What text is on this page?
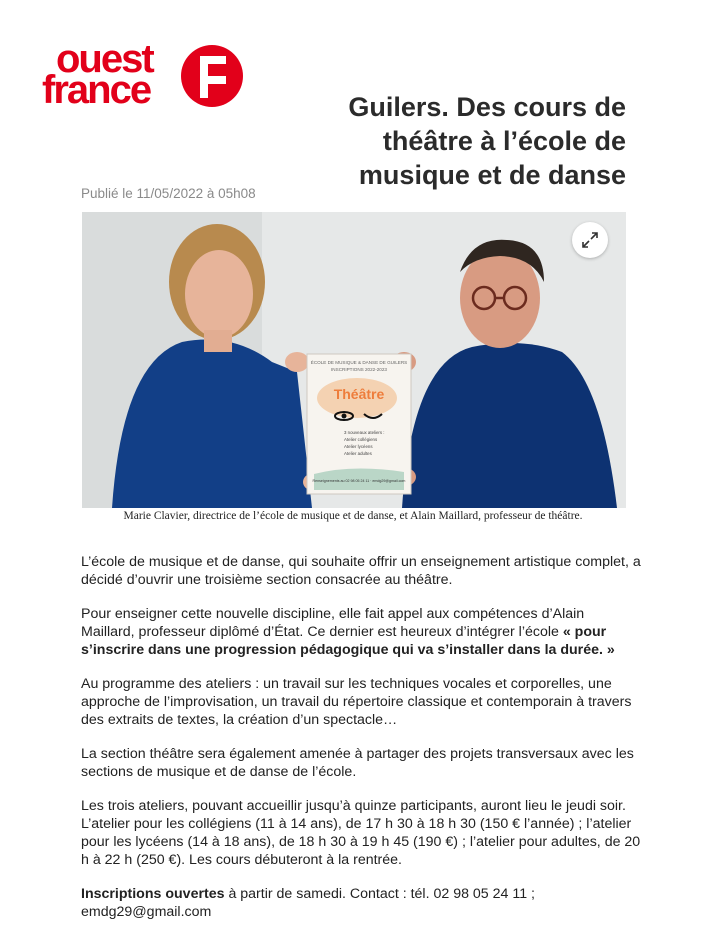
ouest
france	Guilers. Des cours de théâtre à l’école de musique et de danse
Publié le 11/05/2022 à 05h08
ÉCOLE DE MUSIQUE & DANSE DE GUILERS
INSCRIPTIONS 2022-2023
Théâtre
3 nouveaux ateliers :
Atelier collégiens
Atelier lycéens
Atelier adultes
Renseignements au 02 98 05 24 11 · emdg29@gmail.com
Marie Clavier, directrice de l’école de musique et de danse, et Alain Maillard, professeur de théâtre.

L’école de musique et de danse, qui souhaite offrir un enseignement artistique complet, a décidé d’ouvrir une troisième section consacrée au théâtre.

Pour enseigner cette nouvelle discipline, elle fait appel aux compétences d’Alain Maillard, professeur diplômé d’État. Ce dernier est heureux d’intégrer l’école « pour s’inscrire dans une progression pédagogique qui va s’installer dans la durée. »

Au programme des ateliers : un travail sur les techniques vocales et corporelles, une approche de l’improvisation, un travail du répertoire classique et contemporain à travers des extraits de textes, la création d’un spectacle…

La section théâtre sera également amenée à partager des projets transversaux avec les sections de musique et de danse de l’école.

Les trois ateliers, pouvant accueillir jusqu’à quinze participants, auront lieu le jeudi soir. L’atelier pour les collégiens (11 à 14 ans), de 17 h 30 à 18 h 30 (150 € l’année) ; l’atelier pour les lycéens (14 à 18 ans), de 18 h 30 à 19 h 45 (190 €) ; l’atelier pour adultes, de 20 h à 22 h (250 €). Les cours débuteront à la rentrée.

Inscriptions ouvertes à partir de samedi. Contact : tél. 02 98 05 24 11 ; emdg29@gmail.com
